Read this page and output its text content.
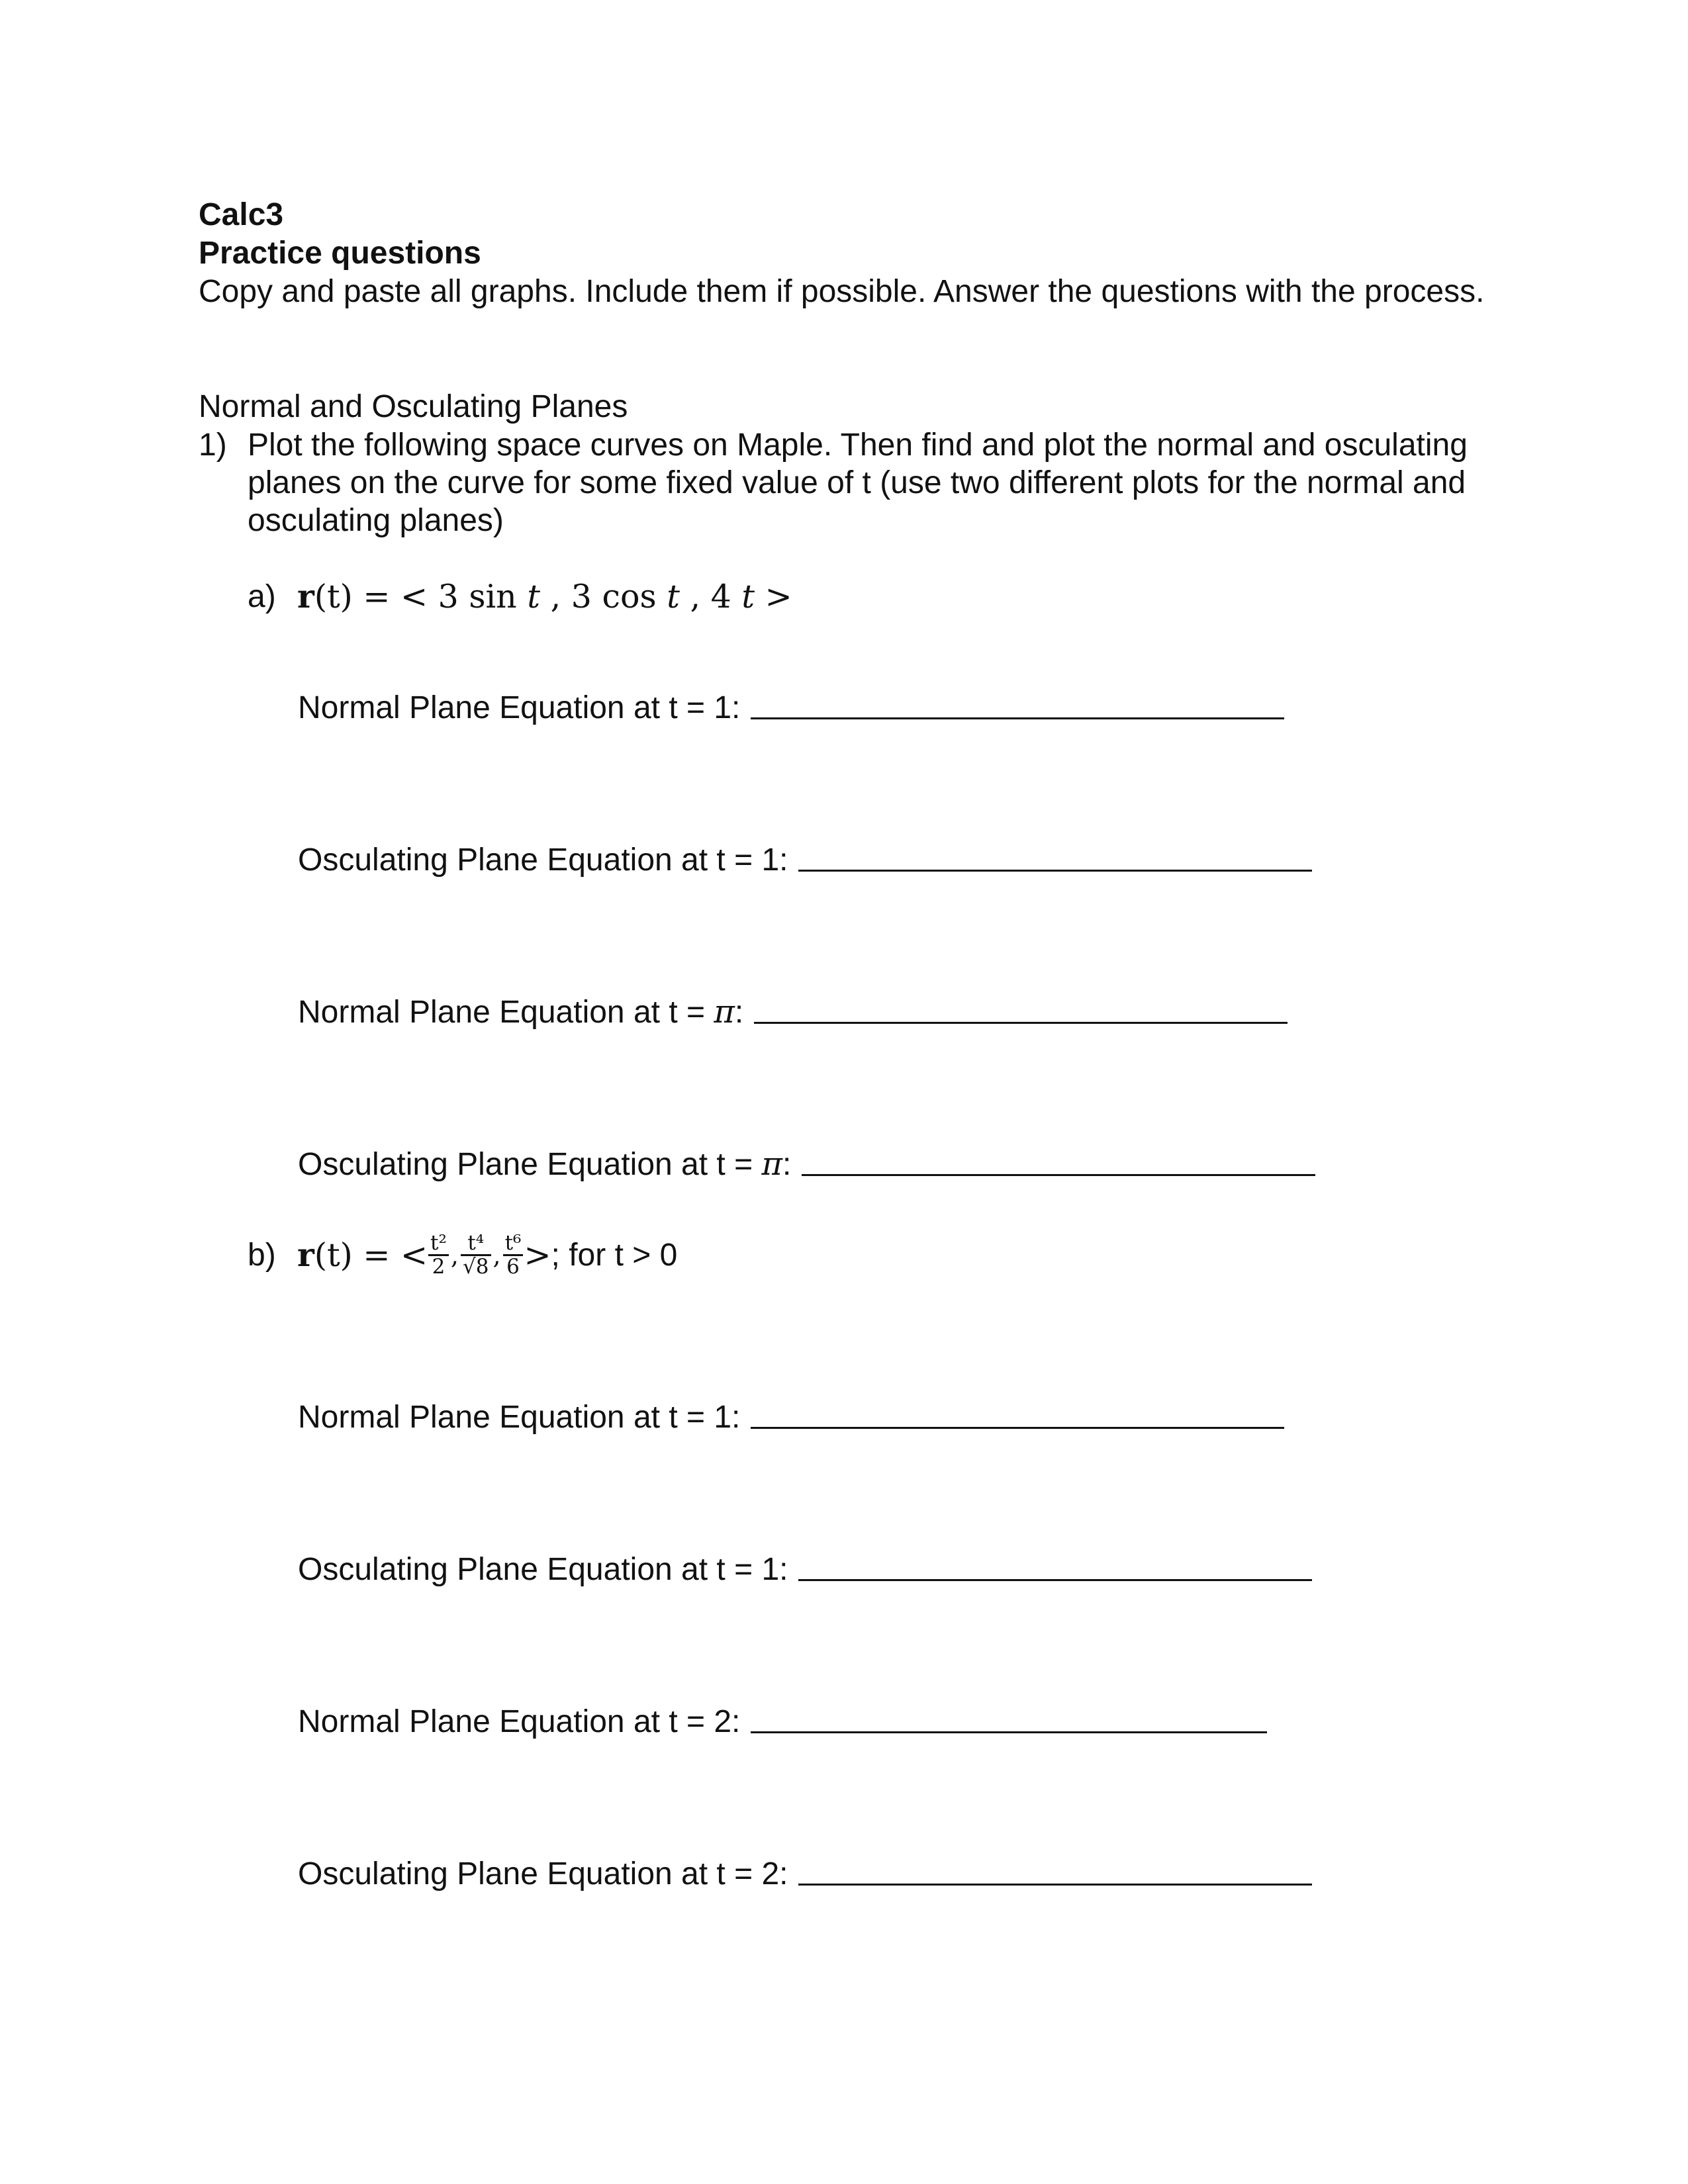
Calc3
Practice questions
Copy and paste all graphs. Include them if possible. Answer the questions with the process.
Normal and Osculating Planes
1) Plot the following space curves on Maple. Then find and plot the normal and osculating planes on the curve for some fixed value of t (use two different plots for the normal and osculating planes)
a) r(t) = < 3 sin t , 3 cos t , 4 t >
Normal Plane Equation at t = 1:
Osculating Plane Equation at t = 1:
Normal Plane Equation at t = π:
Osculating Plane Equation at t = π:
b) r(t) = < $\frac{\text{t²}}{2}$ , $\frac{\text{t⁴}}{√8}$ , $\frac{\text{t⁶}}{6}$ > ; for t > 0
Normal Plane Equation at t = 1:
Osculating Plane Equation at t = 1:
Normal Plane Equation at t = 2:
Osculating Plane Equation at t = 2:
